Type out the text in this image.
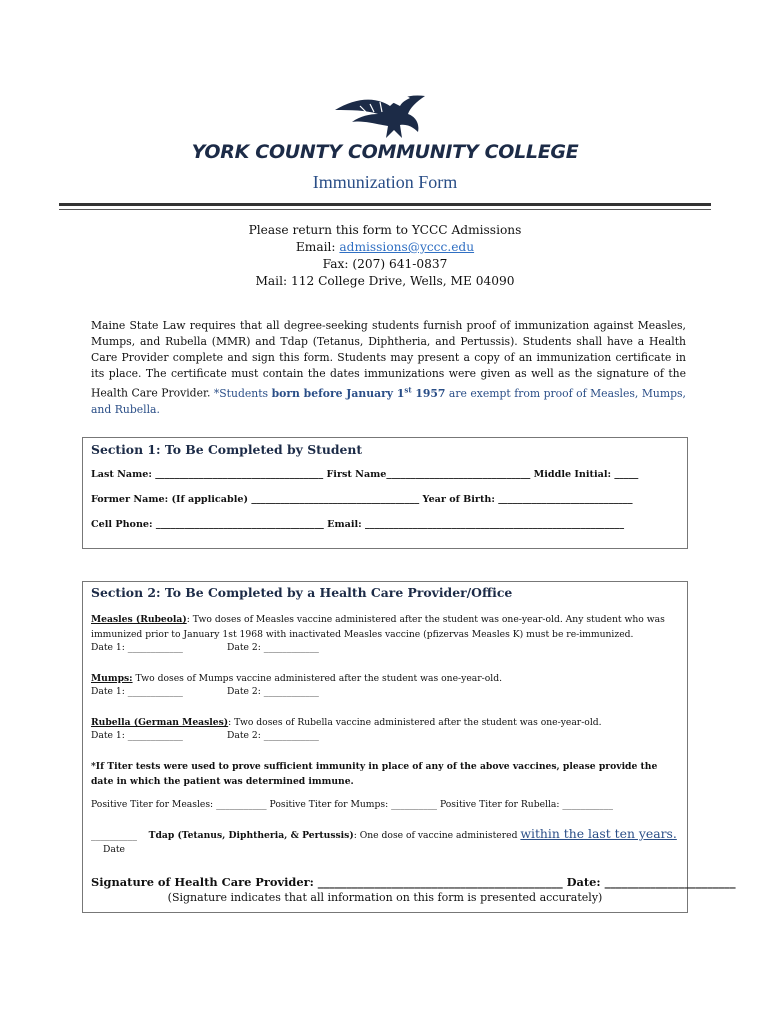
YORK COUNTY COMMUNITY COLLEGE
Immunization Form
Please return this form to YCCC Admissions
Email: admissions@yccc.edu
Fax: (207) 641-0837
Mail: 112 College Drive, Wells, ME 04090
Maine State Law requires that all degree-seeking students furnish proof of immunization against Measles, Mumps, and Rubella (MMR) and Tdap (Tetanus, Diphtheria, and Pertussis). Students shall have a Health Care Provider complete and sign this form. Students may present a copy of an immunization certificate in its place. The certificate must contain the dates immunizations were given as well as the signature of the Health Care Provider. *Students born before January 1st 1957 are exempt from proof of Measles, Mumps, and Rubella.
Section 1: To Be Completed by Student
Last Name: ___________________________________ First Name______________________________ Middle Initial: _____
Former Name: (If applicable) ___________________________________ Year of Birth: ____________________________
Cell Phone: ___________________________________ Email: ______________________________________________________
Section 2: To Be Completed by a Health Care Provider/Office
Measles (Rubeola): Two doses of Measles vaccine administered after the student was one-year-old. Any student who was immunized prior to January 1st 1968 with inactivated Measles vaccine (pfizervas Measles K) must be re-immunized.
Date 1: ____________	Date 2: ____________
Mumps: Two doses of Mumps vaccine administered after the student was one-year-old.
Date 1: ____________	Date 2: ____________
Rubella (German Measles): Two doses of Rubella vaccine administered after the student was one-year-old.
Date 1: ____________	Date 2: ____________
*If Titer tests were used to prove sufficient immunity in place of any of the above vaccines, please provide the date in which the patient was determined immune.
Positive Titer for Measles: ___________ Positive Titer for Mumps: __________ Positive Titer for Rubella: ___________
__________ Tdap (Tetanus, Diphtheria, & Pertussis): One dose of vaccine administered within the last ten years.
Date
Signature of Health Care Provider: ___________________________________________ Date: _______________________
(Signature indicates that all information on this form is presented accurately)
